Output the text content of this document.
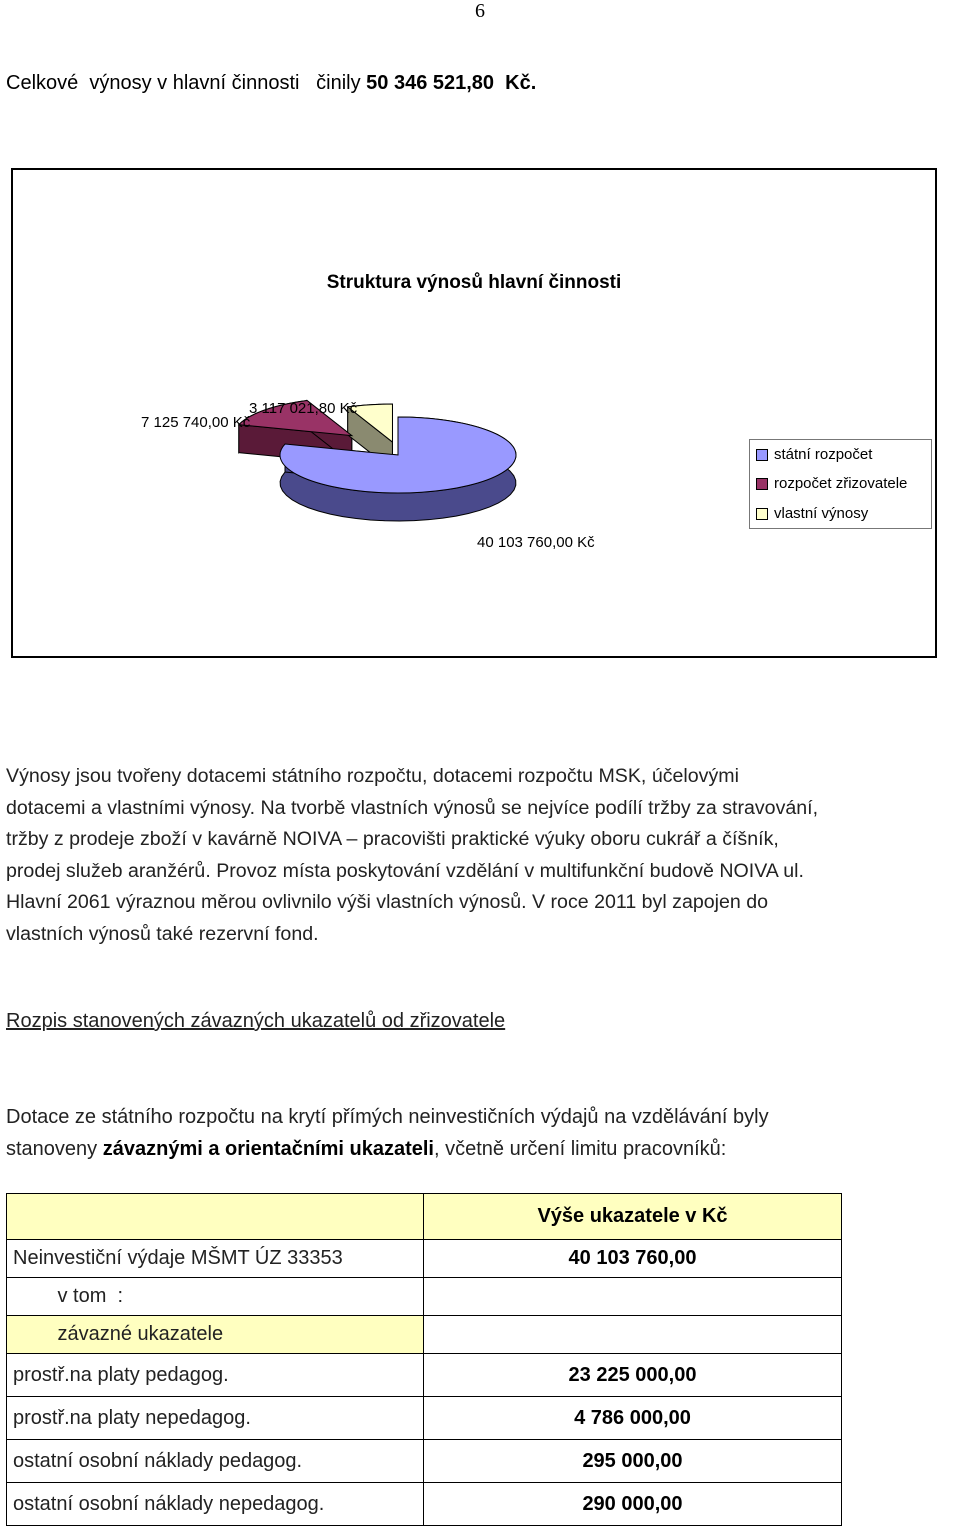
6
Celkové  výnosy v hlavní činnosti   činily 50 346 521,80  Kč.
Struktura výnosů hlavní činnosti
7 125 740,00 Kč
3 117 021,80 Kč
40 103 760,00 Kč
státní rozpočet
rozpočet zřizovatele
vlastní výnosy
Výnosy jsou tvořeny dotacemi státního rozpočtu, dotacemi rozpočtu MSK, účelovými
dotacemi a vlastními výnosy. Na tvorbě vlastních výnosů se nejvíce podílí tržby za stravování,
tržby z prodeje zboží v kavárně NOIVA – pracovišti praktické výuky oboru cukrář a číšník,
prodej služeb aranžérů. Provoz místa poskytování vzdělání v multifunkční budově NOIVA ul.
Hlavní 2061 výraznou měrou ovlivnilo výši vlastních výnosů. V roce 2011 byl zapojen do
vlastních výnosů také rezervní fond.
Rozpis stanovených závazných ukazatelů od zřizovatele
Dotace ze státního rozpočtu na krytí přímých neinvestičních výdajů na vzdělávání byly
stanoveny závaznými a orientačními ukazateli, včetně určení limitu pracovníků:
	Výše ukazatele v Kč
Neinvestiční výdaje MŠMT ÚZ 33353	40 103 760,00
v tom  :	
závazné ukazatele	
prostř.na platy pedagog.	23 225 000,00
prostř.na platy nepedagog.	4 786 000,00
ostatní osobní náklady pedagog.	295 000,00
ostatní osobní náklady nepedagog.	290 000,00
